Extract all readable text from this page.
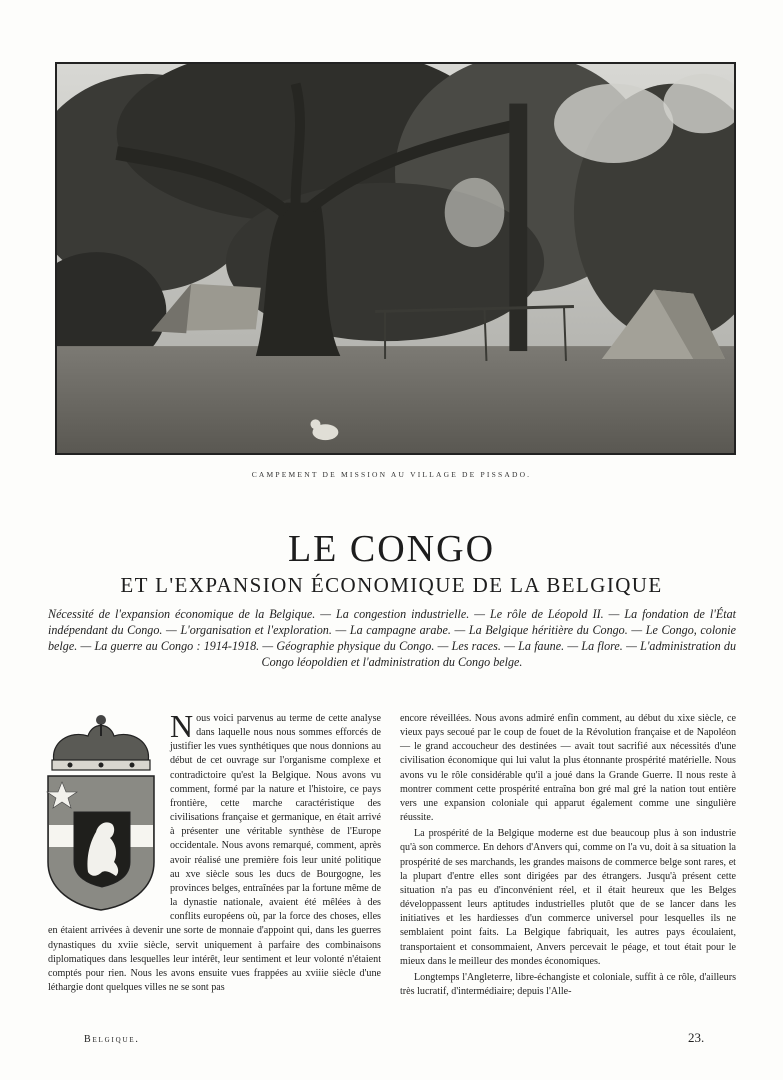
CAMPEMENT DE MISSION AU VILLAGE DE PISSADO.
LE CONGO
ET L'EXPANSION ÉCONOMIQUE DE LA BELGIQUE
Nécessité de l'expansion économique de la Belgique. — La congestion industrielle. — Le rôle de Léopold II. — La fondation de l'État indépendant du Congo. — L'organisation et l'exploration. — La campagne arabe. — La Belgique héritière du Congo. — Le Congo, colonie belge. — La guerre au Congo : 1914-1918. — Géographie physique du Congo. — Les races. — La faune. — La flore. — L'administration du Congo léopoldien et l'administration du Congo belge.
N ous voici parvenus au terme de cette analyse dans laquelle nous nous sommes efforcés de justifier les vues synthétiques que nous donnions au début de cet ouvrage sur l'organisme complexe et contradictoire qu'est la Belgique. Nous avons vu comment, formé par la nature et l'histoire, ce pays frontière, cette marche caractéristique des civilisations française et germanique, en était arrivé à présenter une véritable synthèse de l'Europe occidentale. Nous avons remarqué, comment, après avoir réalisé une première fois leur unité politique au xve siècle sous les ducs de Bourgogne, les provinces belges, entraînées par la fortune même de la dynastie nationale, avaient été mêlées à des conflits européens où, par la force des choses, elles en étaient arrivées à devenir une sorte de monnaie d'appoint qui, dans les guerres dynastiques du xviie siècle, servit uniquement à parfaire des combinaisons diplomatiques dans lesquelles leur intérêt, leur sentiment et leur volonté n'étaient comptés pour rien. Nous les avons ensuite vues frappées au xviiie siècle d'une léthargie dont quelques villes ne se sont pas

encore réveillées. Nous avons admiré enfin comment, au début du xixe siècle, ce vieux pays secoué par le coup de fouet de la Révolution française et de Napoléon — le grand accoucheur des destinées — avait tout sacrifié aux nécessités d'une civilisation économique qui lui valut la plus étonnante prospérité matérielle. Nous avons vu le rôle considérable qu'il a joué dans la Grande Guerre. Il nous reste à montrer comment cette prospérité entraîna bon gré mal gré la nation tout entière vers une expansion coloniale qui apparut également comme une singulière réussite.

La prospérité de la Belgique moderne est due beaucoup plus à son industrie qu'à son commerce. En dehors d'Anvers qui, comme on l'a vu, doit à sa situation la prospérité de ses marchands, les grandes maisons de commerce belge sont rares, et la plupart d'entre elles sont dirigées par des étrangers. Jusqu'à présent cette situation n'a pas eu d'inconvénient réel, et il était heureux que les Belges développassent leurs aptitudes industrielles plutôt que de se lancer dans les initiatives et les hardiesses d'un commerce universel pour lesquelles ils ne semblaient point faits. La Belgique fabriquait, les autres pays écoulaient, transportaient et consommaient, Anvers percevait le péage, et tout était pour le mieux dans le meilleur des mondes économiques.

Longtemps l'Angleterre, libre-échangiste et coloniale, suffit à ce rôle, d'ailleurs très lucratif, d'intermédiaire; depuis l'Alle-

Belgique.	23.
